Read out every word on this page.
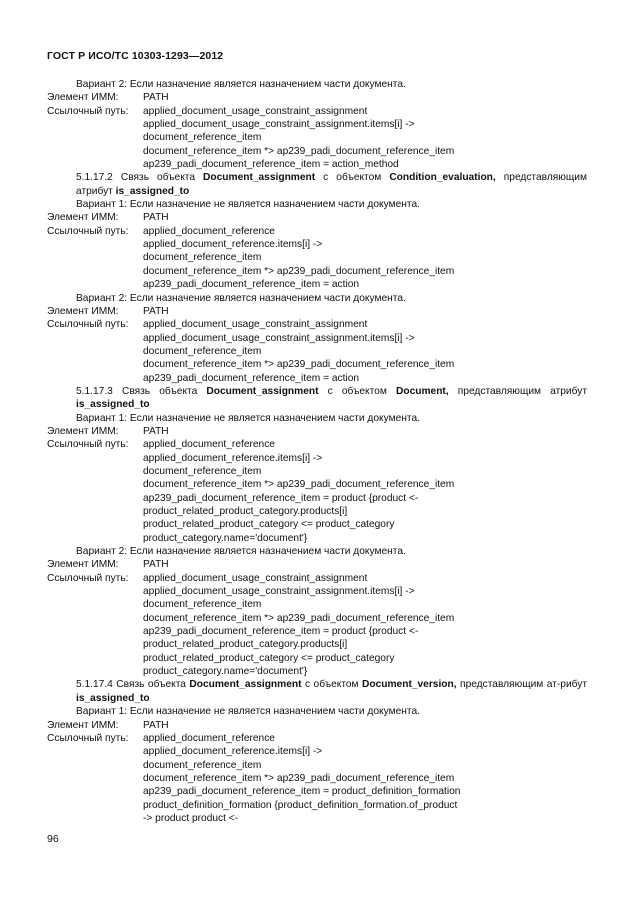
ГОСТ Р ИСО/ТС 10303-1293—2012
Вариант 2: Если назначение является назначением части документа.
Элемент ИММ:	PATH
Ссылочный путь:	applied_document_usage_constraint_assignment
applied_document_usage_constraint_assignment.items[i] ->
document_reference_item
document_reference_item *> ap239_padi_document_reference_item
ap239_padi_document_reference_item = action_method
5.1.17.2 Связь объекта Document_assignment с объектом Condition_evaluation, представляющим атрибут is_assigned_to
Вариант 1: Если назначение не является назначением части документа.
Элемент ИММ:	PATH
Ссылочный путь:	applied_document_reference
applied_document_reference.items[i] ->
document_reference_item
document_reference_item *> ap239_padi_document_reference_item
ap239_padi_document_reference_item = action
Вариант 2: Если назначение является назначением части документа.
Элемент ИММ:	PATH
Ссылочный путь:	applied_document_usage_constraint_assignment
applied_document_usage_constraint_assignment.items[i] ->
document_reference_item
document_reference_item *> ap239_padi_document_reference_item
ap239_padi_document_reference_item = action
5.1.17.3 Связь объекта Document_assignment с объектом Document, представляющим атрибут is_assigned_to
Вариант 1: Если назначение не является назначением части документа.
Элемент ИММ:	PATH
Ссылочный путь:	applied_document_reference
applied_document_reference.items[i] ->
document_reference_item
document_reference_item *> ap239_padi_document_reference_item
ap239_padi_document_reference_item = product {product <-
product_related_product_category.products[i]
product_related_product_category <= product_category
product_category.name='document'}
Вариант 2: Если назначение является назначением части документа.
Элемент ИММ:	PATH
Ссылочный путь:	applied_document_usage_constraint_assignment
applied_document_usage_constraint_assignment.items[i] ->
document_reference_item
document_reference_item *> ap239_padi_document_reference_item
ap239_padi_document_reference_item = product {product <-
product_related_product_category.products[i]
product_related_product_category <= product_category
product_category.name='document'}
5.1.17.4 Связь объекта Document_assignment с объектом Document_version, представляющим ат-рибут is_assigned_to
Вариант 1: Если назначение не является назначением части документа.
Элемент ИММ:	PATH
Ссылочный путь:	applied_document_reference
applied_document_reference.items[i] ->
document_reference_item
document_reference_item *> ap239_padi_document_reference_item
ap239_padi_document_reference_item = product_definition_formation
product_definition_formation {product_definition_formation.of_product
-> product product <-
96
